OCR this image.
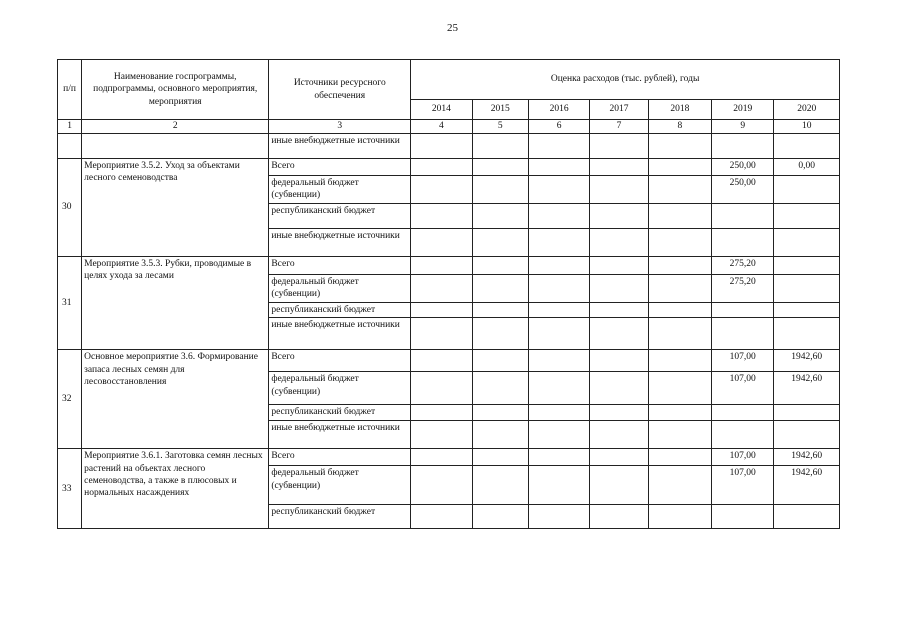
25
п/п	Наименование госпрограммы, подпрограммы, основного мероприятия, мероприятия	Источники ресурсного обеспечения	Оценка расходов (тыс. рублей), годы						
			2014	2015	2016	2017	2018	2019	2020
1	2	3	4	5	6	7	8	9	10
		иные внебюджетные источники							
30	Мероприятие 3.5.2. Уход за объектами лесного семеноводства	Всего						250,00	0,00
		федеральный бюджет (субвенции)						250,00	
		республиканский бюджет							
		иные внебюджетные источники							
31	Мероприятие 3.5.3. Рубки, проводимые в целях ухода за лесами	Всего						275,20	
		федеральный бюджет (субвенции)						275,20	
		республиканский бюджет							
		иные внебюджетные источники							
32	Основное мероприятие 3.6. Формирование запаса лесных семян для лесовосстановления	Всего						107,00	1942,60
		федеральный бюджет (субвенции)						107,00	1942,60
		республиканский бюджет							
		иные внебюджетные источники							
33	Мероприятие 3.6.1. Заготовка семян лесных растений на объектах лесного семеноводства, а также в плюсовых и нормальных насаждениях	Всего						107,00	1942,60
		федеральный бюджет (субвенции)						107,00	1942,60
		республиканский бюджет							
